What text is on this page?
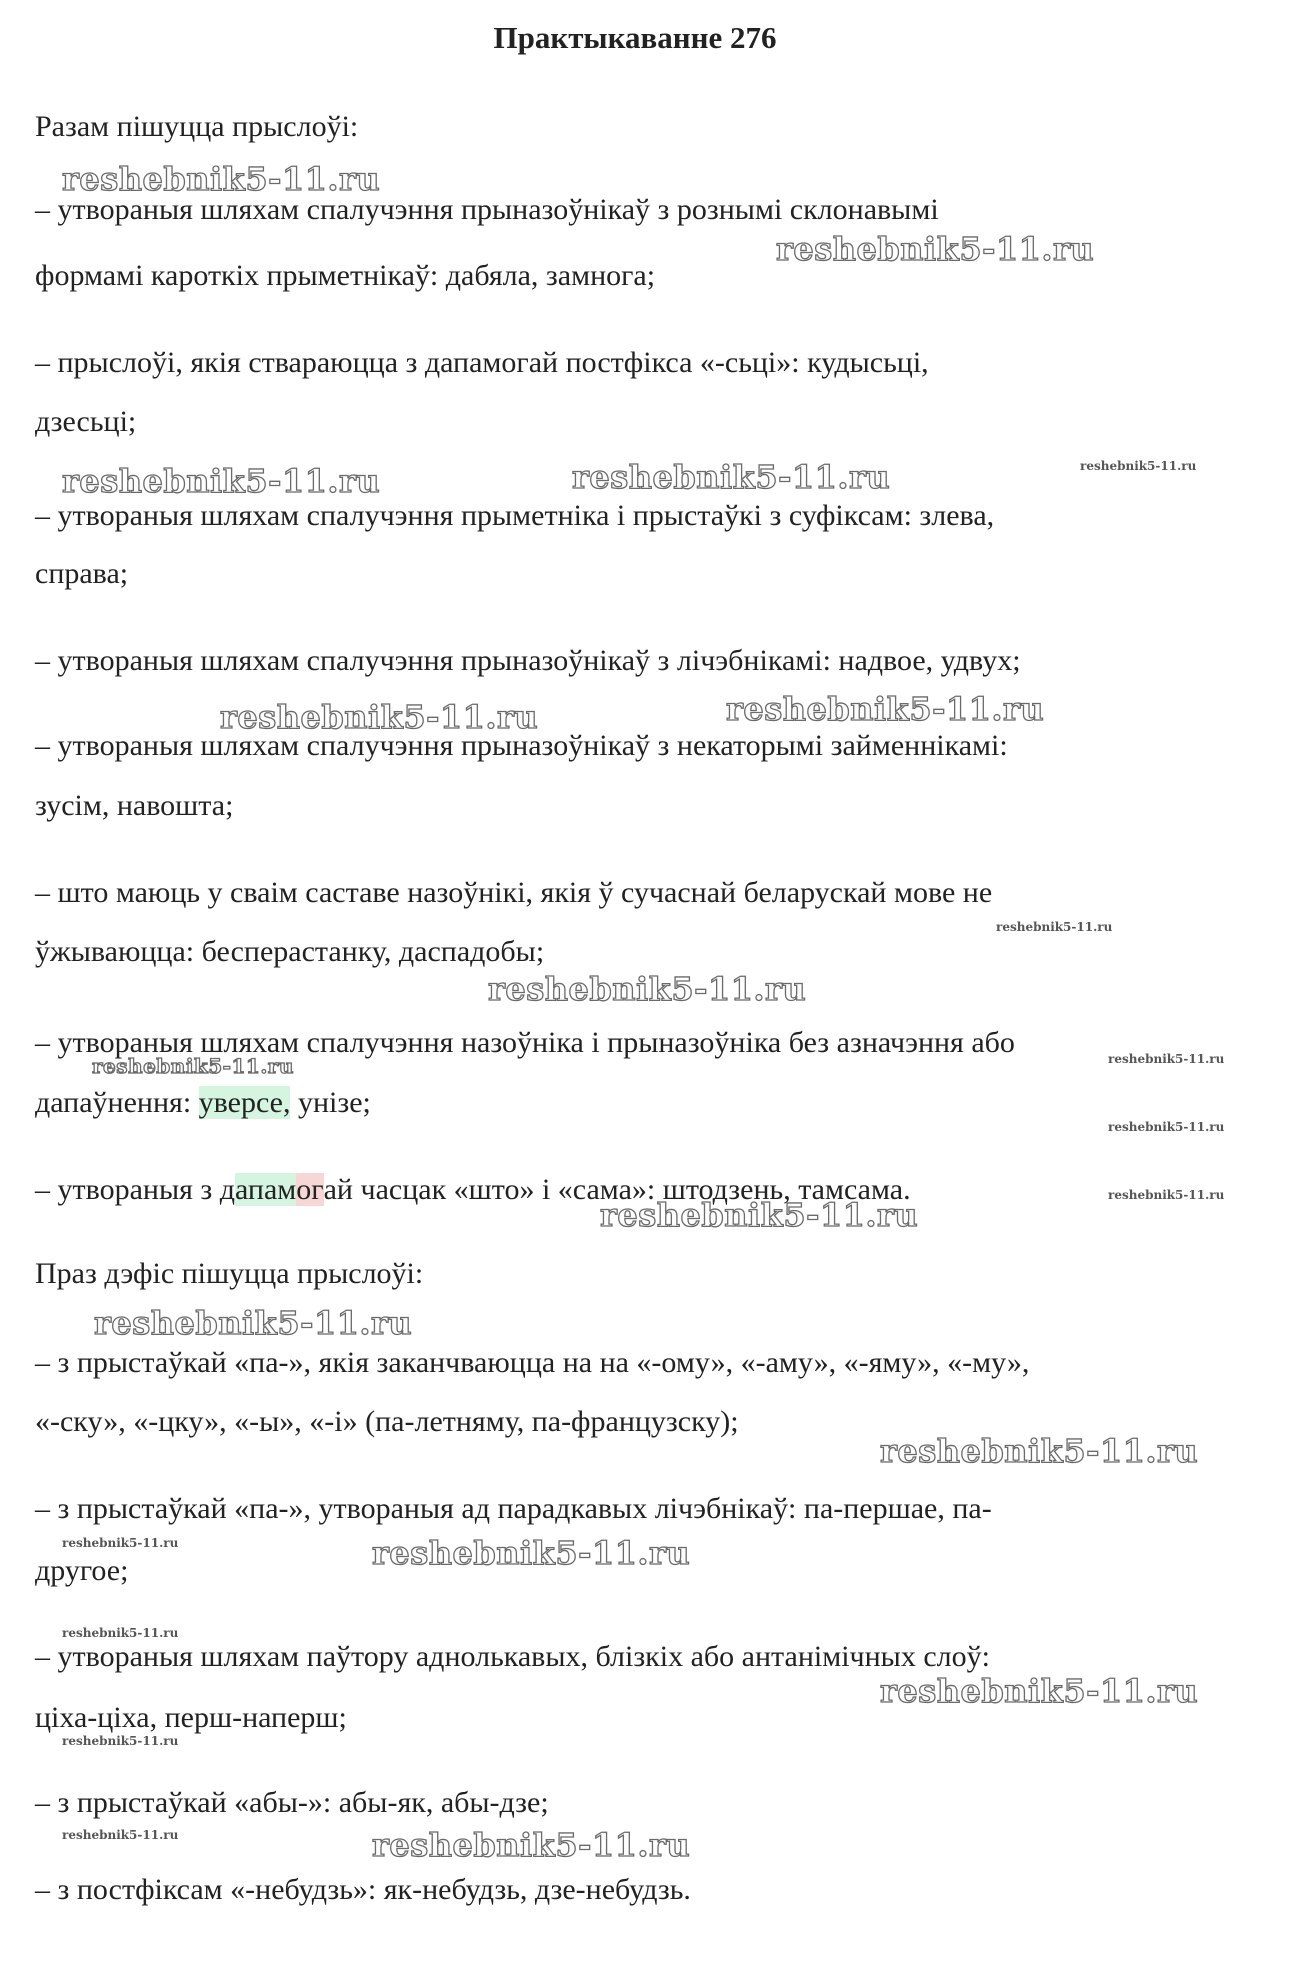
Практыкаванне 276

Разам пішуцца прыслоўі:

– утвораныя шляхам спалучэння прыназоўнікаў з рознымі склонавымі

формамі кароткіх прыметнікаў: дабяла, замнога;

– прыслоўі, якія ствараюцца з дапамогай постфікса «-сьці»: кудысьці,

дзесьці;

– утвораныя шляхам спалучэння прыметніка і прыстаўкі з суфіксам: злева,

справа;

– утвораныя шляхам спалучэння прыназоўнікаў з лічэбнікамі: надвое, удвух;

– утвораныя шляхам спалучэння прыназоўнікаў з некаторымі займеннікамі:

зусім, навошта;

– што маюць у сваім саставе назоўнікі, якія ў сучаснай беларускай мове не

ўжываюцца: бесперастанку, даспадобы;

– утвораныя шляхам спалучэння назоўніка і прыназоўніка без азначэння або

дапаўнення: уверсе, унізе;

– утвораныя з дапамогай часцак «што» і «сама»: штодзень, тамсама.

Праз дэфіс пішуцца прыслоўі:

– з прыстаўкай «па-», якія заканчваюцца на на «-ому», «-аму», «-яму», «-му»,

«-ску», «-цку», «-ы», «-і» (па-летняму, па-французску);

– з прыстаўкай «па-», утвораныя ад парадкавых лічэбнікаў: па-першае, па-

другое;

– утвораныя шляхам паўтору аднолькавых, блізкіх або антанімічных слоў:

ціха-ціха, перш-наперш;

– з прыстаўкай «абы-»: абы-як, абы-дзе;

– з постфіксам «-небудзь»: як-небудзь, дзе-небудзь.

reshebnik5-11.ru
reshebnik5-11.ru
reshebnik5-11.ru	reshebnik5-11.ru	reshebnik5-11.ru
reshebnik5-11.ru	reshebnik5-11.ru
reshebnik5-11.ru
reshebnik5-11.ru
reshebnik5-11.ru
reshebnik5-11.ru
reshebnik5-11.ru
reshebnik5-11.ru
reshebnik5-11.ru
reshebnik5-11.ru
reshebnik5-11.ru
reshebnik5-11.ru	reshebnik5-11.ru
reshebnik5-11.ru
reshebnik5-11.ru
reshebnik5-11.ru
reshebnik5-11.ru	reshebnik5-11.ru
